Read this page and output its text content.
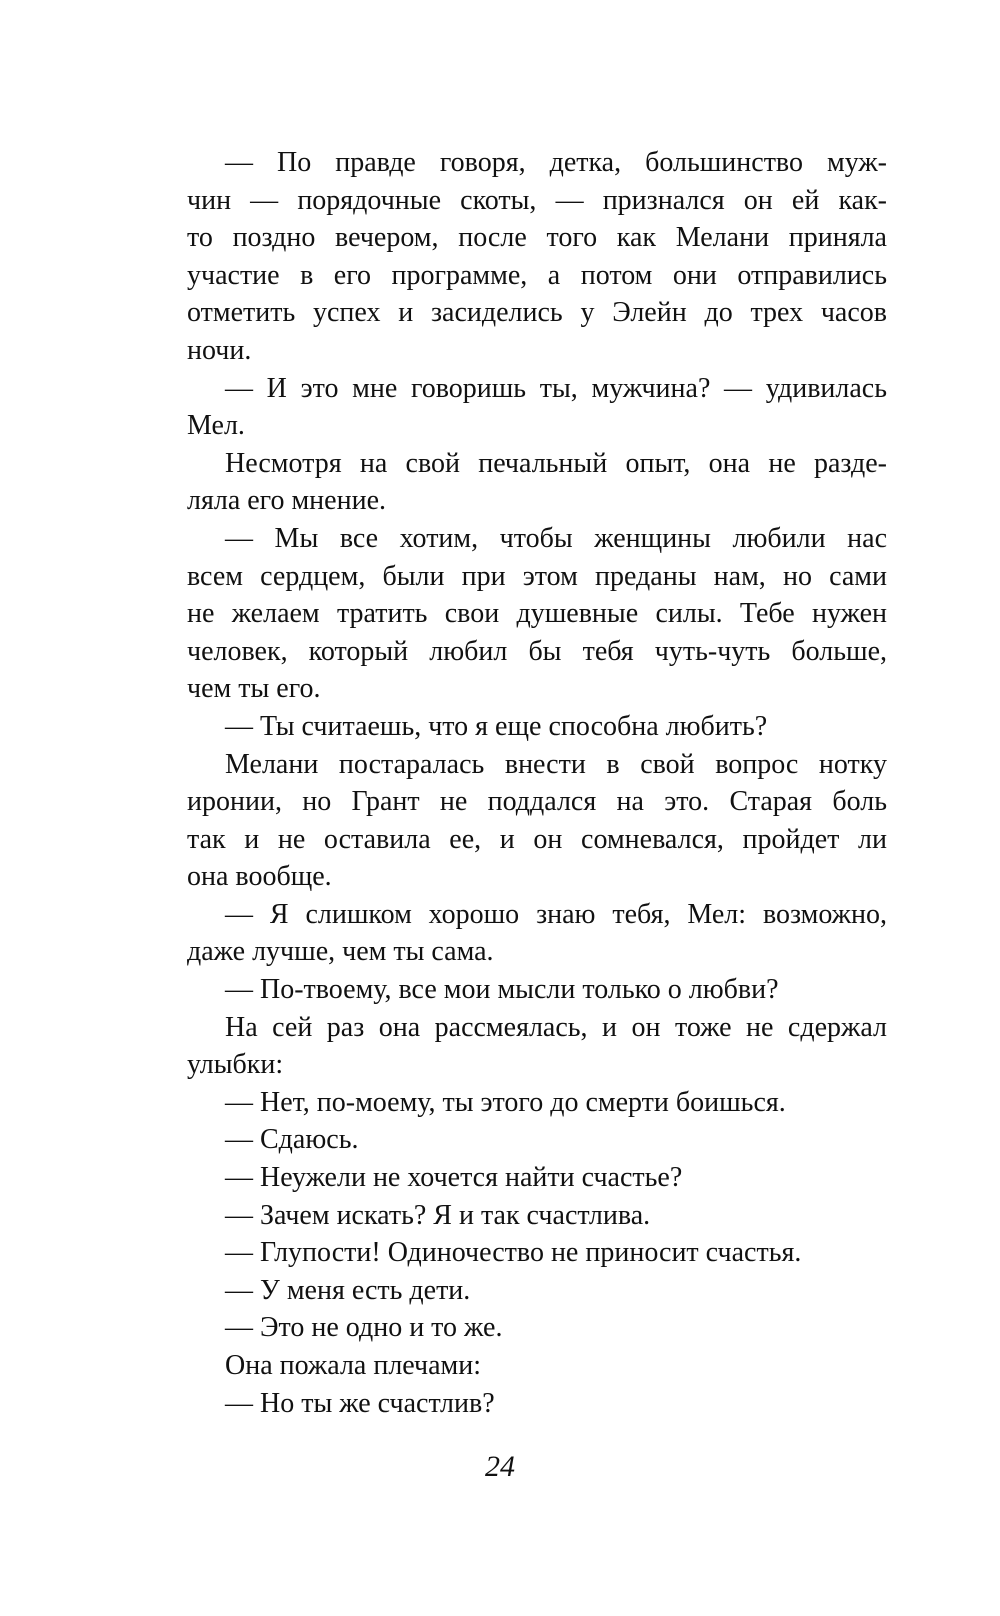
— По правде говоря, детка, большинство муж-
чин — порядочные скоты, — признался он ей как-
то поздно вечером, после того как Мелани приняла
участие в его программе, а потом они отправились
отметить успех и засиделись у Элейн до трех часов
ночи.
— И это мне говоришь ты, мужчина? — удивилась
Мел.
Несмотря на свой печальный опыт, она не разде-
ляла его мнение.
— Мы все хотим, чтобы женщины любили нас
всем сердцем, были при этом преданы нам, но сами
не желаем тратить свои душевные силы. Тебе нужен
человек, который любил бы тебя чуть-чуть больше,
чем ты его.
— Ты считаешь, что я еще способна любить?
Мелани постаралась внести в свой вопрос нотку
иронии, но Грант не поддался на это. Старая боль
так и не оставила ее, и он сомневался, пройдет ли
она вообще.
— Я слишком хорошо знаю тебя, Мел: возможно,
даже лучше, чем ты сама.
— По-твоему, все мои мысли только о любви?
На сей раз она рассмеялась, и он тоже не сдержал
улыбки:
— Нет, по-моему, ты этого до смерти боишься.
— Сдаюсь.
— Неужели не хочется найти счастье?
— Зачем искать? Я и так счастлива.
— Глупости! Одиночество не приносит счастья.
— У меня есть дети.
— Это не одно и то же.
Она пожала плечами:
— Но ты же счастлив?
24
